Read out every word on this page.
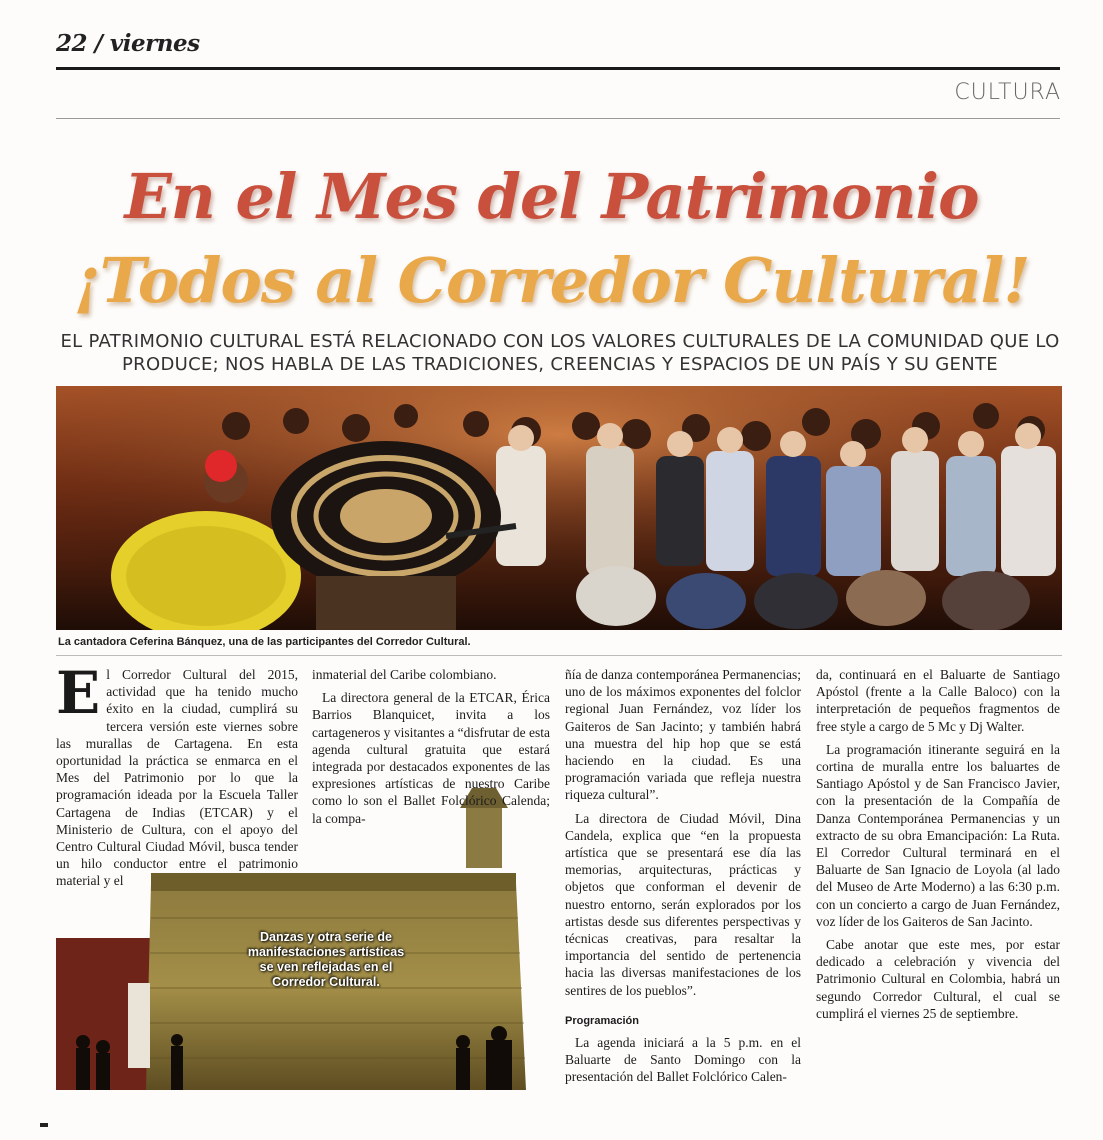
22 / viernes
CULTURA
En el Mes del Patrimonio
¡Todos al Corredor Cultural!
EL PATRIMONIO CULTURAL ESTÁ RELACIONADO CON LOS VALORES CULTURALES DE LA COMUNIDAD QUE LO PRODUCE; NOS HABLA DE LAS TRADICIONES, CREENCIAS Y ESPACIOS DE UN PAÍS Y SU GENTE
La cantadora Ceferina Bánquez, una de las participantes del Corredor Cultural.
Danzas y otra serie de manifestaciones artísticas se ven reflejadas en el Corredor Cultural.

El Corredor Cultural del 2015, actividad que ha tenido mucho éxito en la ciudad, cumplirá su tercera versión este viernes sobre las murallas de Cartagena. En esta oportunidad la práctica se enmarca en el Mes del Patrimonio por lo que la programación ideada por la Escuela Taller Cartagena de Indias (ETCAR) y el Ministerio de Cultura, con el apoyo del Centro Cultural Ciudad Móvil, busca tender un hilo conductor entre el patrimonio material y el

inmaterial del Caribe colombiano.

La directora general de la ETCAR, Érica Barrios Blanquicet, invita a los cartageneros y visitantes a “disfrutar de esta agenda cultural gratuita que estará integrada por destacados exponentes de las expresiones artísticas de nuestro Caribe como lo son el Ballet Folclórico Calenda; la compa-

ñía de danza contemporánea Permanencias; uno de los máximos exponentes del folclor regional Juan Fernández, voz líder los Gaiteros de San Jacinto; y también habrá una muestra del hip hop que se está haciendo en la ciudad. Es una programación variada que refleja nuestra riqueza cultural”.

La directora de Ciudad Móvil, Dina Candela, explica que “en la propuesta artística que se presentará ese día las memorias, arquitecturas, prácticas y objetos que conforman el devenir de nuestro entorno, serán explorados por los artistas desde sus diferentes perspectivas y técnicas creativas, para resaltar la importancia del sentido de pertenencia hacia las diversas manifestaciones de los sentires de los pueblos”.

Programación

La agenda iniciará a la 5 p.m. en el Baluarte de Santo Domingo con la presentación del Ballet Folclórico Calen-

da, continuará en el Baluarte de Santiago Apóstol (frente a la Calle Baloco) con la interpretación de pequeños fragmentos de free style a cargo de 5 Mc y Dj Walter.

La programación itinerante seguirá en la cortina de muralla entre los baluartes de Santiago Apóstol y de San Francisco Javier, con la presentación de la Compañía de Danza Contemporánea Permanencias y un extracto de su obra Emancipación: La Ruta. El Corredor Cultural terminará en el Baluarte de San Ignacio de Loyola (al lado del Museo de Arte Moderno) a las 6:30 p.m. con un concierto a cargo de Juan Fernández, voz líder de los Gaiteros de San Jacinto.

Cabe anotar que este mes, por estar dedicado a celebración y vivencia del Patrimonio Cultural en Colombia, habrá un segundo Corredor Cultural, el cual se cumplirá el viernes 25 de septiembre.
